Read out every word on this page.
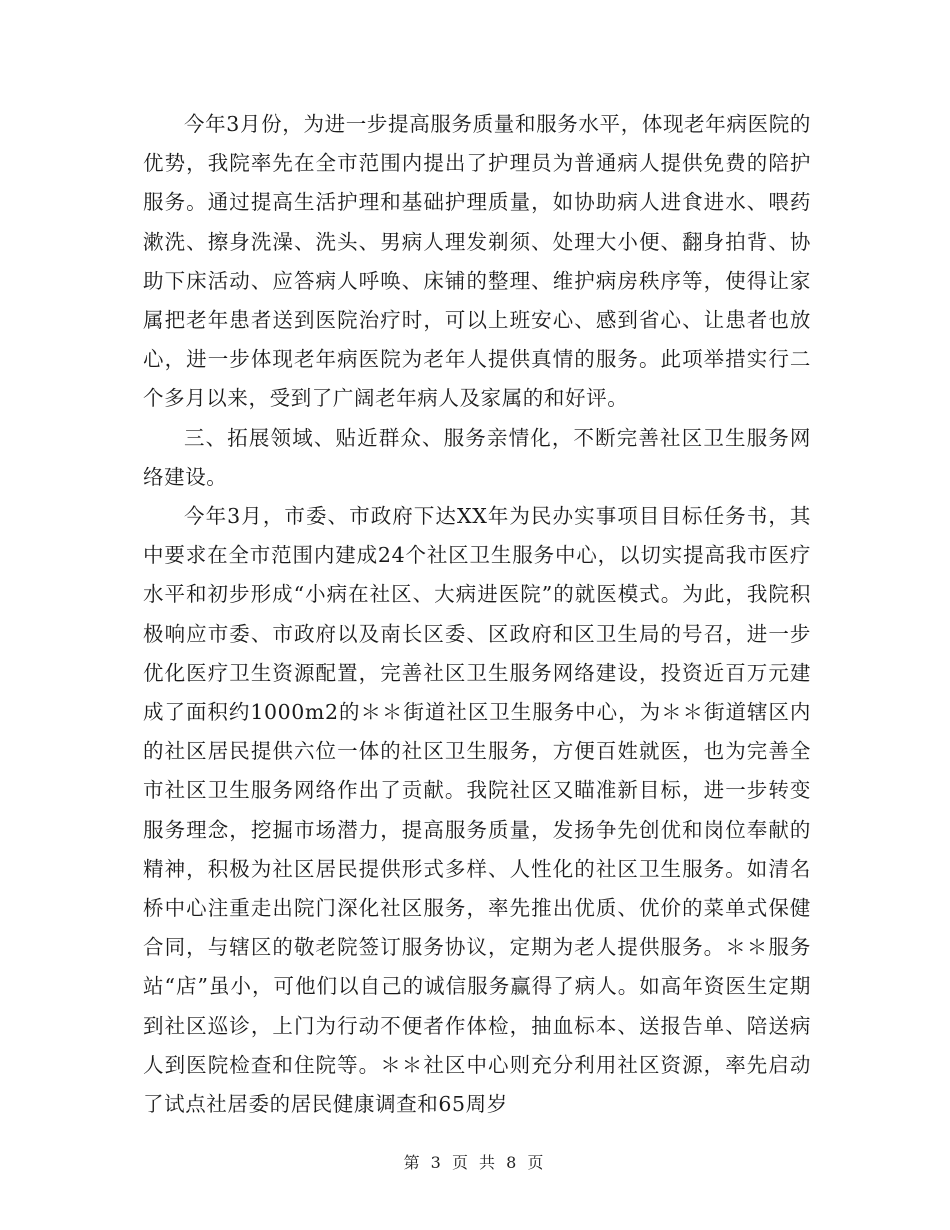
今年3月份，为进一步提高服务质量和服务水平，体现老年病医院的优势，我院率先在全市范围内提出了护理员为普通病人提供免费的陪护服务。通过提高生活护理和基础护理质量，如协助病人进食进水、喂药漱洗、擦身洗澡、洗头、男病人理发剃须、处理大小便、翻身拍背、协助下床活动、应答病人呼唤、床铺的整理、维护病房秩序等，使得让家属把老年患者送到医院治疗时，可以上班安心、感到省心、让患者也放心，进一步体现老年病医院为老年人提供真情的服务。此项举措实行二个多月以来，受到了广阔老年病人及家属的和好评。

三、拓展领域、贴近群众、服务亲情化，不断完善社区卫生服务网络建设。

今年3月，市委、市政府下达XX年为民办实事项目目标任务书，其中要求在全市范围内建成24个社区卫生服务中心，以切实提高我市医疗水平和初步形成“小病在社区、大病进医院”的就医模式。为此，我院积极响应市委、市政府以及南长区委、区政府和区卫生局的号召，进一步优化医疗卫生资源配置，完善社区卫生服务网络建设，投资近百万元建成了面积约1000m2的＊＊街道社区卫生服务中心，为＊＊街道辖区内的社区居民提供六位一体的社区卫生服务，方便百姓就医，也为完善全市社区卫生服务网络作出了贡献。我院社区又瞄准新目标，进一步转变服务理念，挖掘市场潜力，提高服务质量，发扬争先创优和岗位奉献的精神，积极为社区居民提供形式多样、人性化的社区卫生服务。如清名桥中心注重走出院门深化社区服务，率先推出优质、优价的菜单式保健合同，与辖区的敬老院签订服务协议，定期为老人提供服务。＊＊服务站“店”虽小，可他们以自己的诚信服务赢得了病人。如高年资医生定期到社区巡诊，上门为行动不便者作体检，抽血标本、送报告单、陪送病人到医院检查和住院等。＊＊社区中心则充分利用社区资源，率先启动了试点社居委的居民健康调查和65周岁

第 3 页 共 8 页
